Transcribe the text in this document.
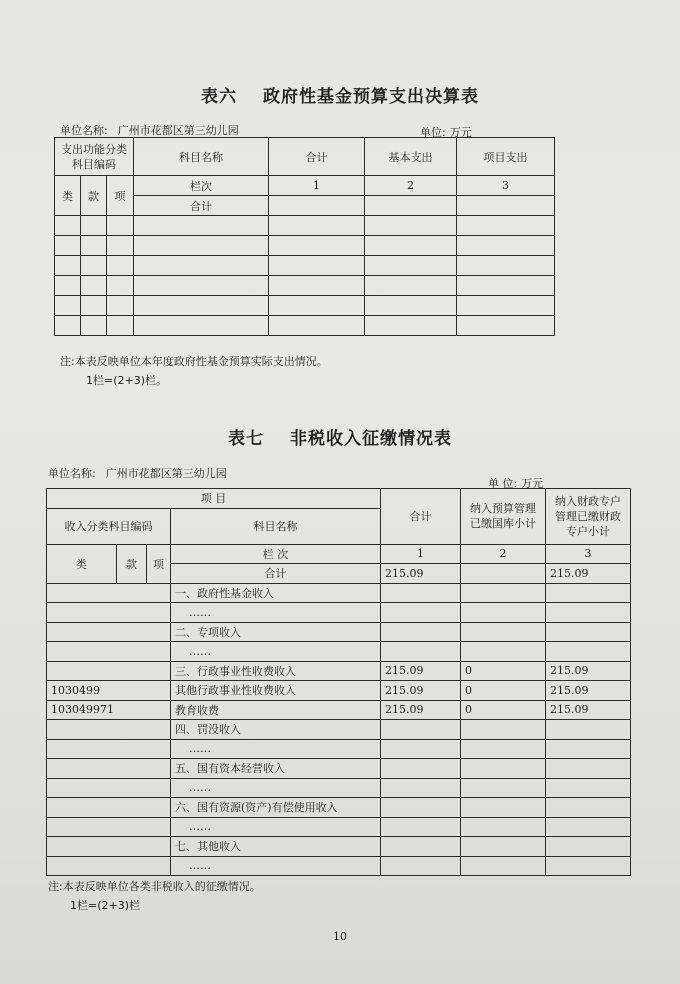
表六 政府性基金预算支出决算表
单位名称: 广州市花都区第三幼儿园	单位: 万元
支出功能分类科目编码			科目名称	合计	基本支出	项目支出

类	款	项	栏次	1	2	3
			合计			

注:本表反映单位本年度政府性基金预算实际支出情况。
1栏=(2+3)栏。
表七 非税收入征缴情况表
单位名称: 广州市花都区第三幼儿园
单 位: 万元
项 目				合计	纳入预算管理已缴国库小计	纳入财政专户管理已缴财政专户小计
收入分类科目编码			科目名称			

类	款	项	栏 次	1	2	3
			合计	215.09		215.09
			一、政府性基金收入			
			……			
			二、专项收入			
			……			
			三、行政事业性收费收入	215.09	0	215.09
1030499			其他行政事业性收费收入	215.09	0	215.09
103049971			教育收费	215.09	0	215.09
			四、罚没收入			
			……			
			五、国有资本经营收入			
			……			
			六、国有资源(资产)有偿使用收入			
			……			
			七、其他收入			
			……			
注:本表反映单位各类非税收入的征缴情况。
1栏=(2+3)栏
10
